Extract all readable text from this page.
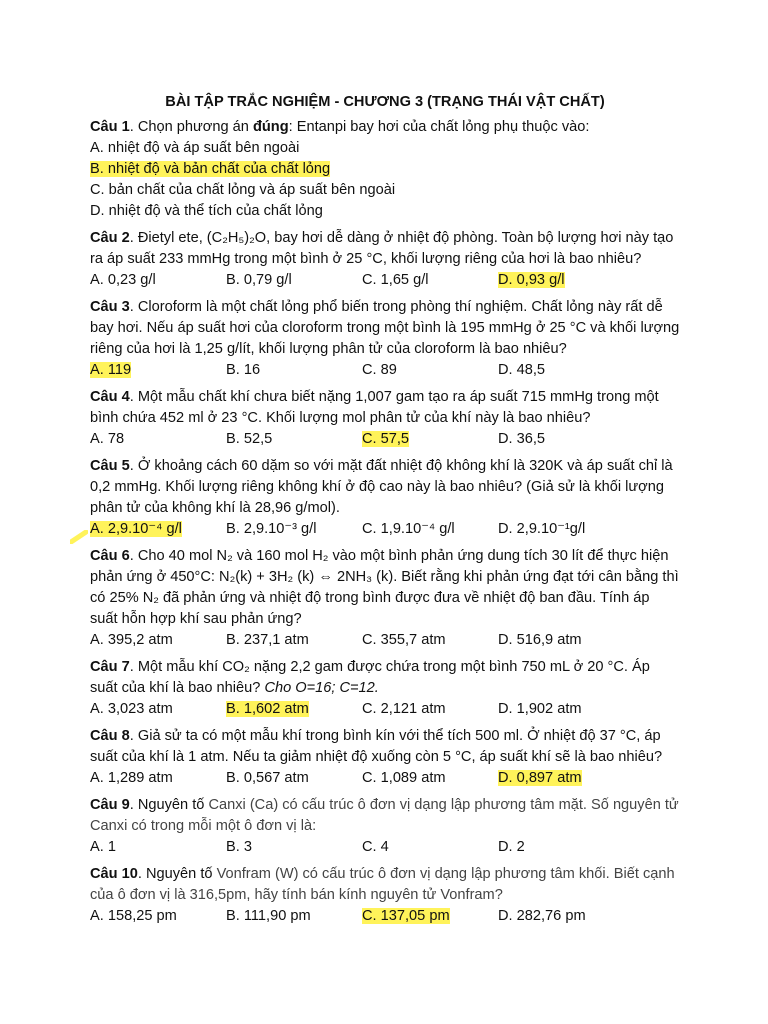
BÀI TẬP TRẮC NGHIỆM - CHƯƠNG 3 (TRẠNG THÁI VẬT CHẤT)

Câu 1. Chọn phương án đúng: Entanpi bay hơi của chất lỏng phụ thuộc vào:

A. nhiệt độ và áp suất bên ngoài
B. nhiệt độ và bản chất của chất lỏng
C. bản chất của chất lỏng và áp suất bên ngoài
D. nhiệt độ và thể tích của chất lỏng

Câu 2. Đietyl ete, (C₂H₅)₂O, bay hơi dễ dàng ở nhiệt độ phòng. Toàn bộ lượng hơi này tạo ra áp suất 233 mmHg trong một bình ở 25 °C, khối lượng riêng của hơi là bao nhiêu?

A. 0,23 g/l	B. 0,79 g/l	C. 1,65 g/l	D. 0,93 g/l

Câu 3. Cloroform là một chất lỏng phổ biến trong phòng thí nghiệm. Chất lỏng này rất dễ bay hơi. Nếu áp suất hơi của cloroform trong một bình là 195 mmHg ở 25 °C và khối lượng riêng của hơi là 1,25 g/lít, khối lượng phân tử của cloroform là bao nhiêu?

A. 119	B. 16	C. 89	D. 48,5

Câu 4. Một mẫu chất khí chưa biết nặng 1,007 gam tạo ra áp suất 715 mmHg trong một bình chứa 452 ml ở 23 °C. Khối lượng mol phân tử của khí này là bao nhiêu?

A. 78	B. 52,5	C. 57,5	D. 36,5

Câu 5. Ở khoảng cách 60 dặm so với mặt đất nhiệt độ không khí là 320K và áp suất chỉ là 0,2 mmHg. Khối lượng riêng không khí ở độ cao này là bao nhiêu? (Giả sử là khối lượng phân tử của không khí là 28,96 g/mol).

A. 2,9.10⁻⁴ g/l	B. 2,9.10⁻³ g/l	C. 1,9.10⁻⁴ g/l	D. 2,9.10⁻¹g/l

Câu 6. Cho 40 mol N₂ và 160 mol H₂ vào một bình phản ứng dung tích 30 lít để thực hiện phản ứng ở 450°C: N₂(k) + 3H₂ (k) ⇔ 2NH₃ (k). Biết rằng khi phản ứng đạt tới cân bằng thì có 25% N₂ đã phản ứng và nhiệt độ trong bình được đưa về nhiệt độ ban đầu. Tính áp suất hỗn hợp khí sau phản ứng?

A. 395,2 atm	B. 237,1 atm	C. 355,7 atm	D. 516,9 atm

Câu 7. Một mẫu khí CO₂ nặng 2,2 gam được chứa trong một bình 750 mL ở 20 °C. Áp suất của khí là bao nhiêu? Cho O=16; C=12.

A. 3,023 atm	B. 1,602 atm	C. 2,121 atm	D. 1,902 atm

Câu 8. Giả sử ta có một mẫu khí trong bình kín với thể tích 500 ml. Ở nhiệt độ 37 °C, áp suất của khí là 1 atm. Nếu ta giảm nhiệt độ xuống còn 5 °C, áp suất khí sẽ là bao nhiêu?

A. 1,289 atm	B. 0,567 atm	C. 1,089 atm	D. 0,897 atm

Câu 9. Nguyên tố Canxi (Ca) có cấu trúc ô đơn vị dạng lập phương tâm mặt. Số nguyên tử Canxi có trong mỗi một ô đơn vị là:

A. 1	B. 3	C. 4	D. 2

Câu 10. Nguyên tố Vonfram (W) có cấu trúc ô đơn vị dạng lập phương tâm khối. Biết cạnh của ô đơn vị là 316,5pm, hãy tính bán kính nguyên tử Vonfram?

A. 158,25 pm	B. 111,90 pm	C. 137,05 pm	D. 282,76 pm
